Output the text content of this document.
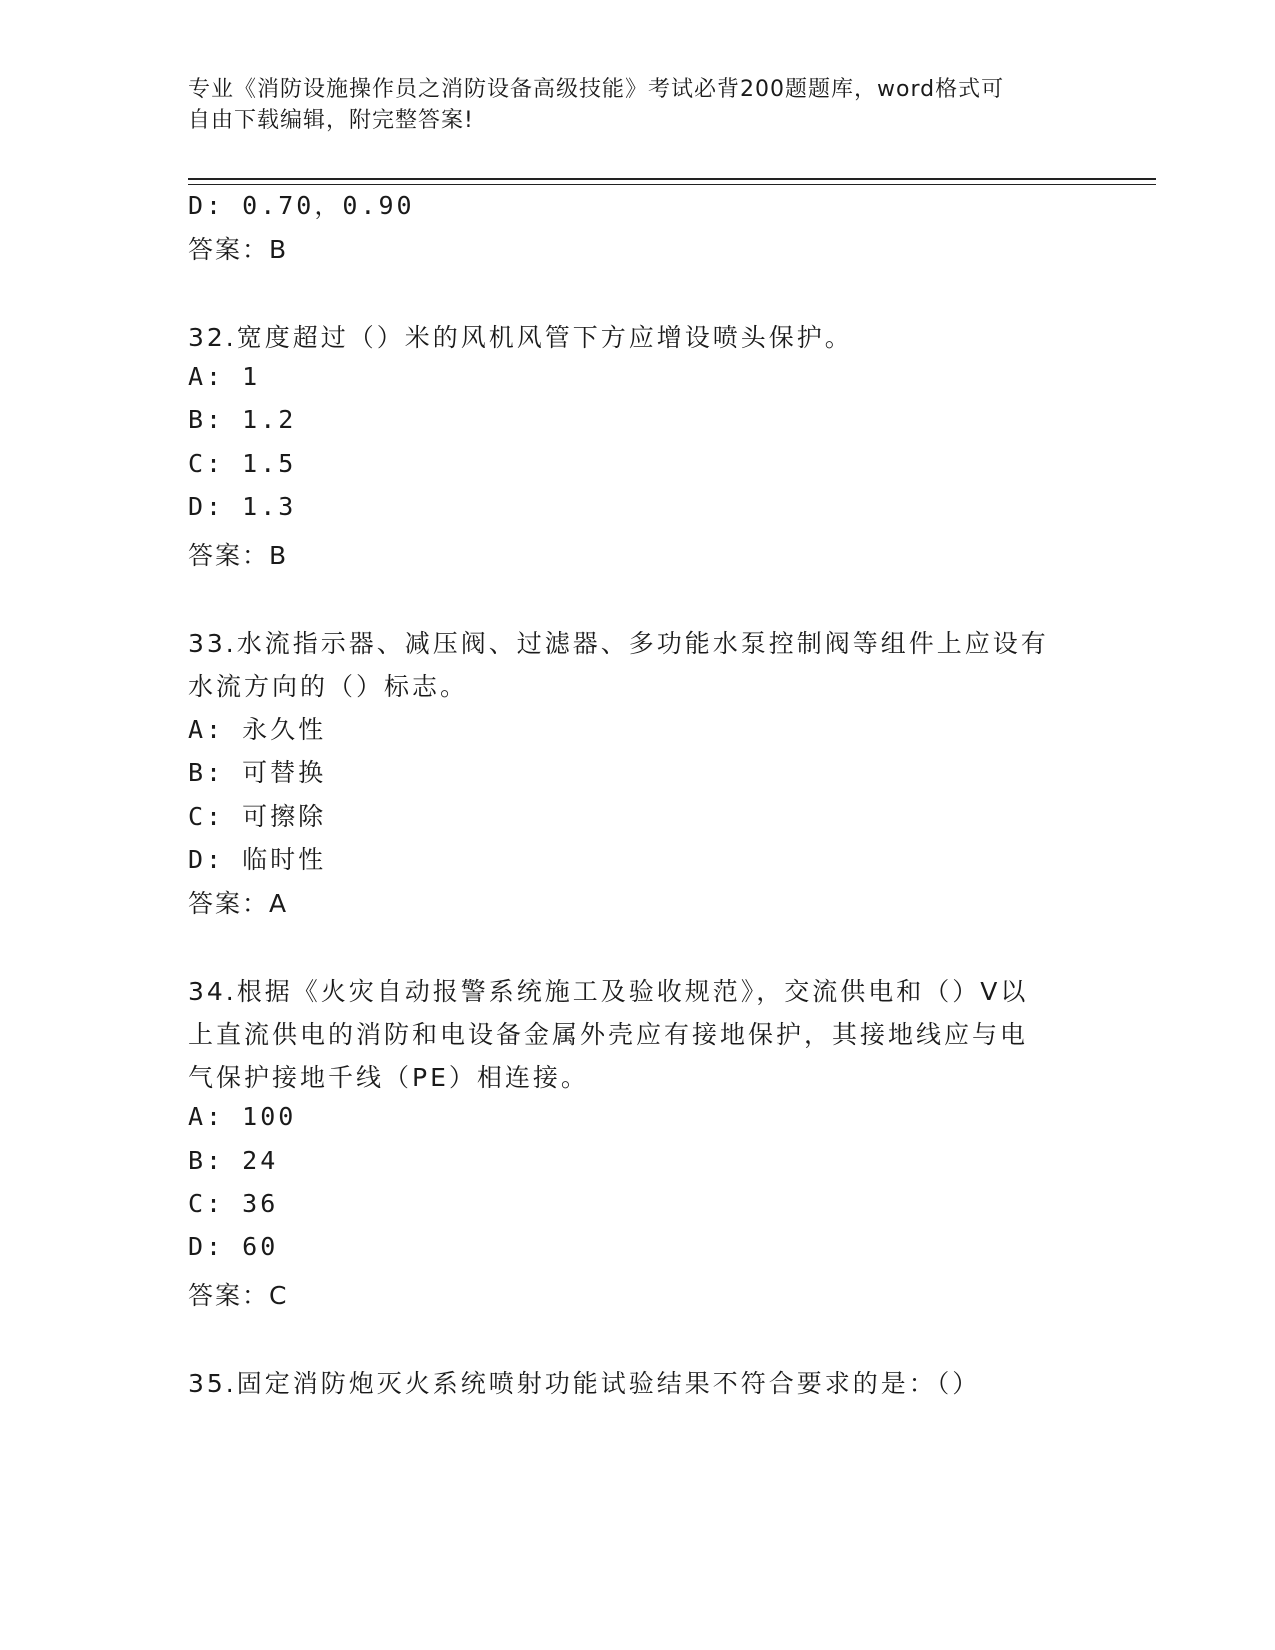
专业《消防设施操作员之消防设备高级技能》考试必背200题题库，word格式可
自由下载编辑，附完整答案!
D: 0.70，0.90
答案：B
32.宽度超过（）米的风机风管下方应增设喷头保护。
A: 1
B: 1.2
C: 1.5
D: 1.3
答案：B
33.水流指示器、减压阀、过滤器、多功能水泵控制阀等组件上应设有
水流方向的（）标志。
A: 永久性
B: 可替换
C: 可擦除
D: 临时性
答案：A
34.根据《火灾自动报警系统施工及验收规范》，交流供电和（）V以
上直流供电的消防和电设备金属外壳应有接地保护，其接地线应与电
气保护接地千线（PE）相连接。
A: 100
B: 24
C: 36
D: 60
答案：C
35.固定消防炮灭火系统喷射功能试验结果不符合要求的是：（）
